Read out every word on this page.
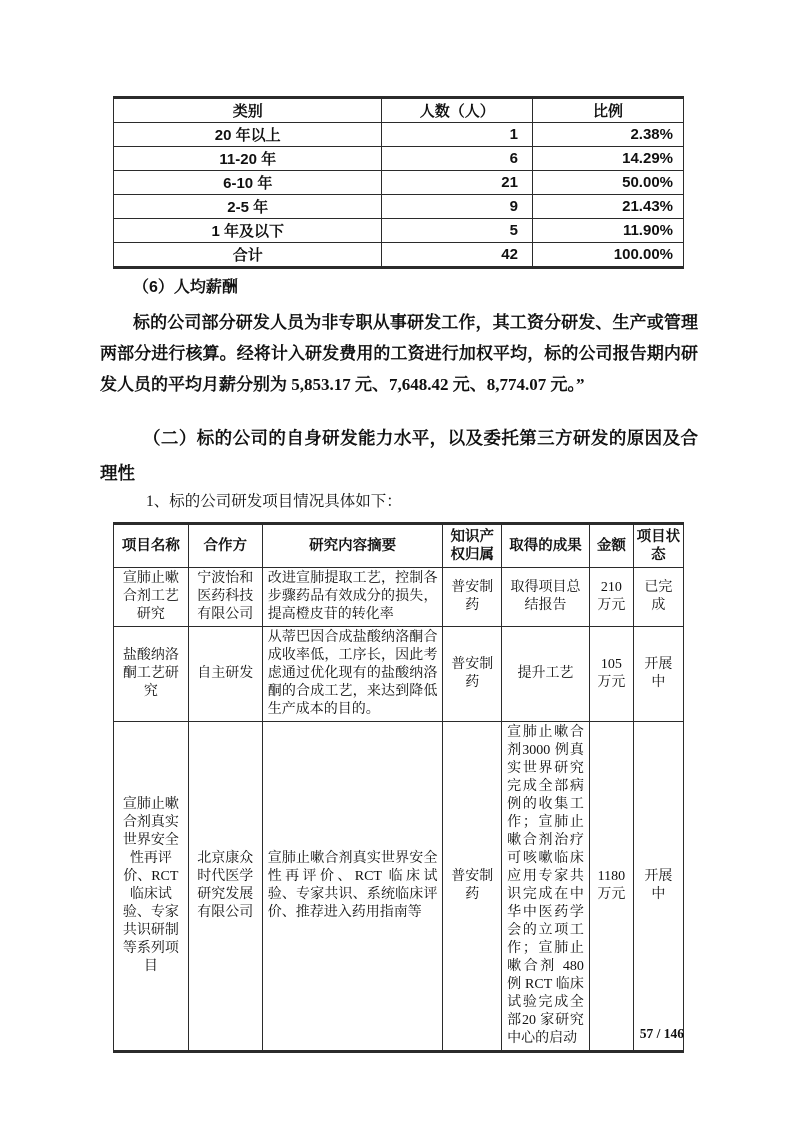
类别	人数（人）	比例
20 年以上	1	2.38%
11-20 年	6	14.29%
6-10 年	21	50.00%
2-5 年	9	21.43%
1 年及以下	5	11.90%
合计	42	100.00%
（6）人均薪酬

标的公司部分研发人员为非专职从事研发工作，其工资分研发、生产或管理两部分进行核算。经将计入研发费用的工资进行加权平均，标的公司报告期内研发人员的平均月薪分别为 5,853.17 元、7,648.42 元、8,774.07 元。”

（二）标的公司的自身研发能力水平，以及委托第三方研发的原因及合理性

1、标的公司研发项目情况具体如下：

项目名称	合作方	研究内容摘要	知识产权归属	取得的成果	金额	项目状态
宣肺止嗽合剂工艺研究	宁波怡和医药科技有限公司	改进宣肺提取工艺，控制各步骤药品有效成分的损失，提高橙皮苷的转化率	普安制药	取得项目总结报告	210 万元	已完成
盐酸纳洛酮工艺研究	自主研发	从蒂巴因合成盐酸纳洛酮合成收率低，工序长，因此考虑通过优化现有的盐酸纳洛酮的合成工艺，来达到降低生产成本的目的。	普安制药	提升工艺	105 万元	开展中
宣肺止嗽合剂真实世界安全性再评价、RCT 临床试验、专家共识研制等系列项目	北京康众时代医学研究发展有限公司	宣肺止嗽合剂真实世界安全性再评价、RCT 临床试验、专家共识、系统临床评价、推荐进入药用指南等	普安制药	宣肺止嗽合剂3000 例真实世界研究完成全部病例的收集工作；宣肺止嗽合剂治疗可咳嗽临床应用专家共识完成在中华中医药学会的立项工作；宣肺止嗽合剂 480 例 RCT 临床试验完成全部20 家研究中心的启动	1180 万元	开展中
57 / 146
